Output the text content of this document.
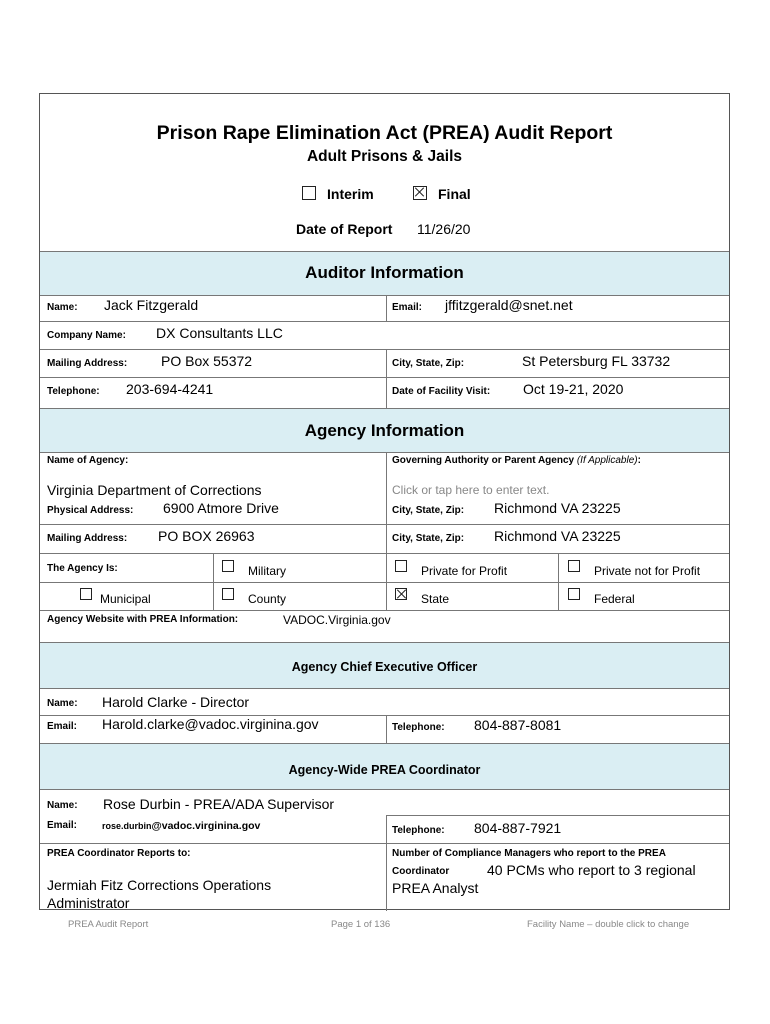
Prison Rape Elimination Act (PREA) Audit Report
Adult Prisons & Jails
Interim	Final
Date of Report 11/26/20
Auditor Information
Name: Jack Fitzgerald	Email: jffitzgerald@snet.net
Company Name: DX Consultants LLC
Mailing Address: PO Box 55372	City, State, Zip:	St Petersburg FL 33732
Telephone: 203-694-4241	Date of Facility Visit: Oct 19-21, 2020
Agency Information
Name of Agency:
Virginia Department of Corrections
Governing Authority or Parent Agency (If Applicable):
Click or tap here to enter text.
Physical Address: 6900 Atmore Drive	City, State, Zip: Richmond VA 23225
Mailing Address: PO BOX 26963	City, State, Zip: Richmond VA 23225
The Agency Is:	Military	Private for Profit	Private not for Profit
Municipal	County	State	Federal
Agency Website with PREA Information:	VADOC.Virginia.gov
Agency Chief Executive Officer
Name: Harold Clarke - Director
Email: Harold.clarke@vadoc.virginina.gov	Telephone: 804-887-8081
Agency-Wide PREA Coordinator
Name: Rose Durbin - PREA/ADA Supervisor
Email:	rose.durbin@vadoc.virginina.gov	Telephone: 804-887-7921
PREA Coordinator Reports to:
Jermiah Fitz Corrections Operations
Administrator
Number of Compliance Managers who report to the PREA
Coordinator	40 PCMs who report to 3 regional
PREA Analyst
PREA Audit Report	Page 1 of 136	Facility Name – double click to change
